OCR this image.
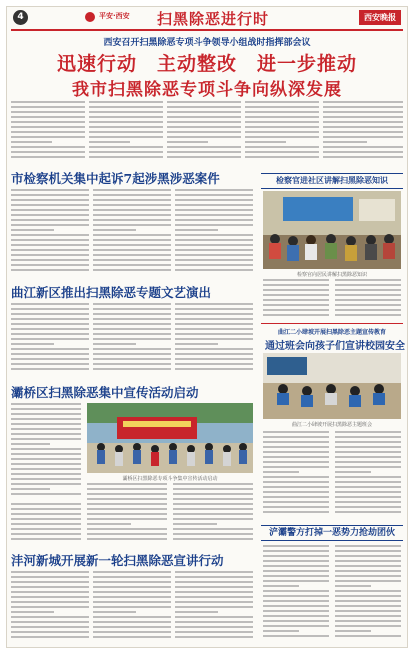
4	平安·西安 扫黑除恶进行时	西安晚报
西安召开扫黑除恶专项斗争领导小组战时指挥部会议
迅速行动　主动整改　进一步推动
我市扫黑除恶专项斗争向纵深发展
市检察机关集中起诉7起涉黑涉恶案件	检察官进社区讲解扫黑除恶知识
检察官向居民讲解扫黑除恶知识
曲江新区推出扫黑除恶专题文艺演出
曲江二小肆坡开展扫黑除恶主题宣传教育
通过班会向孩子们宣讲校园安全
曲江二小肆坡开展扫黑除恶主题班会
灞桥区扫黑除恶集中宣传活动启动
灞桥区扫黑除恶专项斗争集中宣传活动启动
浐灞警方打掉一恶势力抢劫团伙
沣河新城开展新一轮扫黑除恶宣讲行动
